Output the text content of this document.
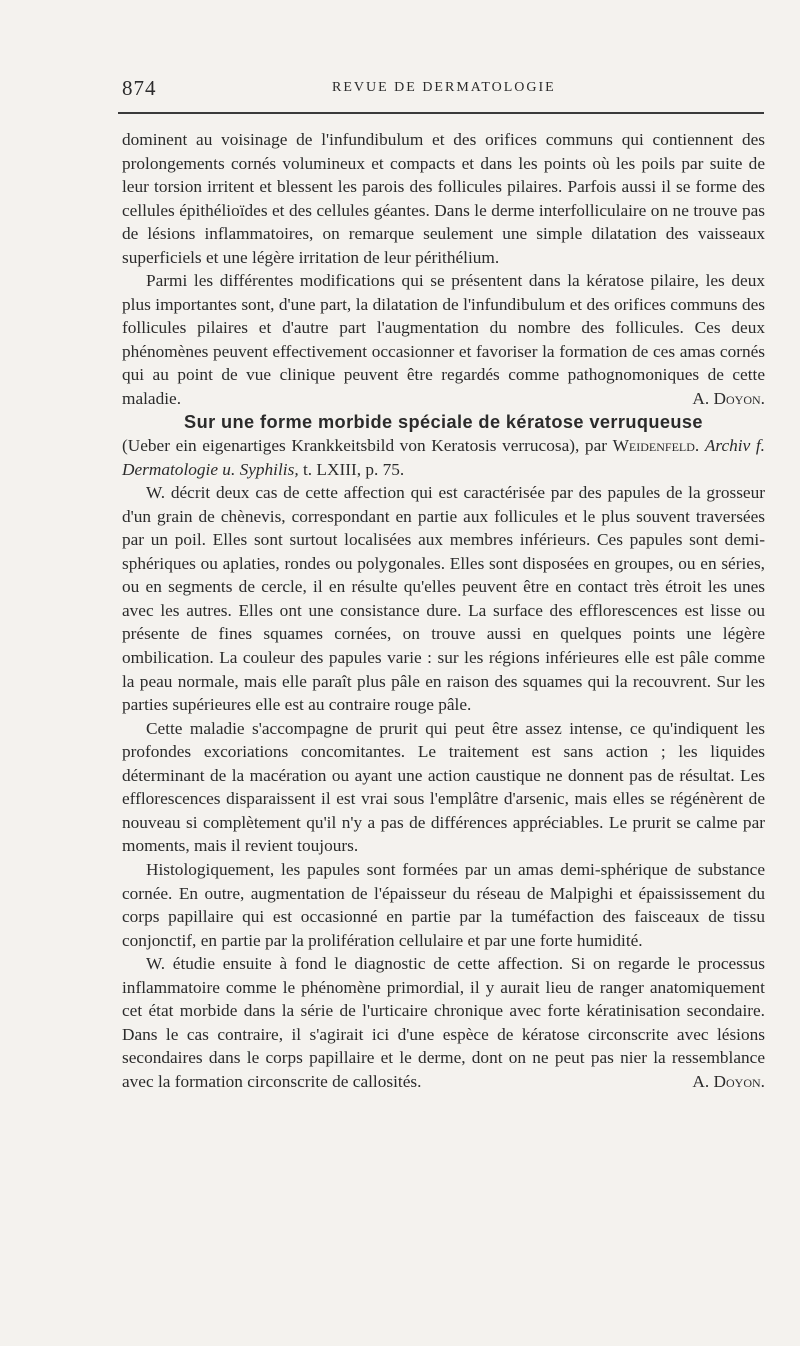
874	REVUE DE DERMATOLOGIE

dominent au voisinage de l'infundibulum et des orifices communs qui contiennent des prolongements cornés volumineux et compacts et dans les points où les poils par suite de leur torsion irritent et blessent les parois des follicules pilaires. Parfois aussi il se forme des cellules épithélioïdes et des cellules géantes. Dans le derme interfolliculaire on ne trouve pas de lésions inflammatoires, on remarque seulement une simple dilatation des vaisseaux superficiels et une légère irritation de leur périthélium.

Parmi les différentes modifications qui se présentent dans la kératose pilaire, les deux plus importantes sont, d'une part, la dilatation de l'infundibulum et des orifices communs des follicules pilaires et d'autre part l'augmentation du nombre des follicules. Ces deux phénomènes peuvent effectivement occasionner et favoriser la formation de ces amas cornés qui au point de vue clinique peuvent être regardés comme pathognomoniques de cette maladie.	A. Doyon.

Sur une forme morbide spéciale de kératose verruqueuse

(Ueber ein eigenartiges Krankkeitsbild von Keratosis verrucosa), par Weidenfeld. Archiv f. Dermatologie u. Syphilis, t. LXIII, p. 75.

W. décrit deux cas de cette affection qui est caractérisée par des papules de la grosseur d'un grain de chènevis, correspondant en partie aux follicules et le plus souvent traversées par un poil. Elles sont surtout localisées aux membres inférieurs. Ces papules sont demi-sphériques ou aplaties, rondes ou polygonales. Elles sont disposées en groupes, ou en séries, ou en segments de cercle, il en résulte qu'elles peuvent être en contact très étroit les unes avec les autres. Elles ont une consistance dure. La surface des efflorescences est lisse ou présente de fines squames cornées, on trouve aussi en quelques points une légère ombilication. La couleur des papules varie : sur les régions inférieures elle est pâle comme la peau normale, mais elle paraît plus pâle en raison des squames qui la recouvrent. Sur les parties supérieures elle est au contraire rouge pâle.

Cette maladie s'accompagne de prurit qui peut être assez intense, ce qu'indiquent les profondes excoriations concomitantes. Le traitement est sans action ; les liquides déterminant de la macération ou ayant une action caustique ne donnent pas de résultat. Les efflorescences disparaissent il est vrai sous l'emplâtre d'arsenic, mais elles se régénèrent de nouveau si complètement qu'il n'y a pas de différences appréciables. Le prurit se calme par moments, mais il revient toujours.

Histologiquement, les papules sont formées par un amas demi-sphérique de substance cornée. En outre, augmentation de l'épaisseur du réseau de Malpighi et épaississement du corps papillaire qui est occasionné en partie par la tuméfaction des faisceaux de tissu conjonctif, en partie par la prolifération cellulaire et par une forte humidité.

W. étudie ensuite à fond le diagnostic de cette affection. Si on regarde le processus inflammatoire comme le phénomène primordial, il y aurait lieu de ranger anatomiquement cet état morbide dans la série de l'urticaire chronique avec forte kératinisation secondaire. Dans le cas contraire, il s'agirait ici d'une espèce de kératose circonscrite avec lésions secondaires dans le corps papillaire et le derme, dont on ne peut pas nier la ressemblance avec la formation circonscrite de callosités.	A. Doyon.
